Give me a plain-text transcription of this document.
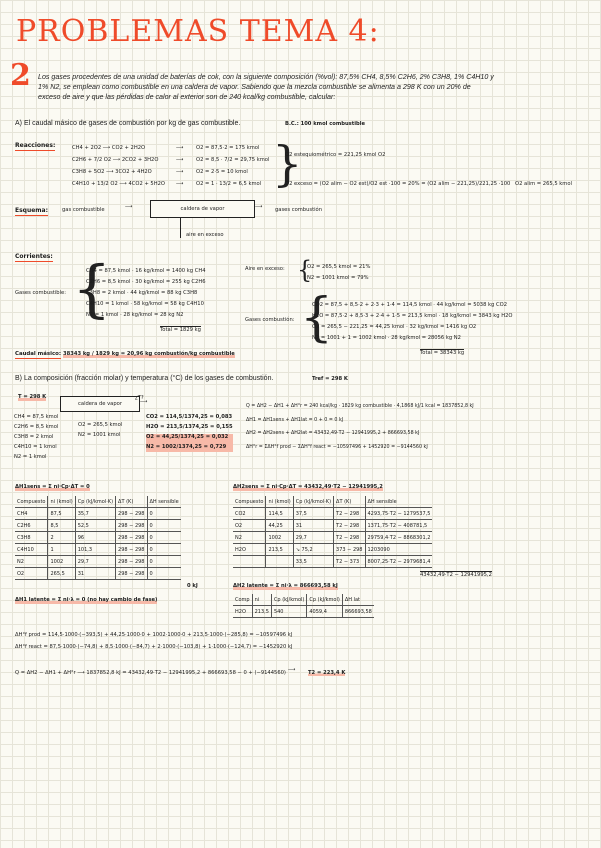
PROBLEMAS TEMA 4:
2 Los gases procedentes de una unidad de baterías de cok, con la siguiente composición (%vol): 87,5% CH4, 8,5% C2H6, 2% C3H8, 1% C4H10 y
1% N2, se emplean como combustible en una caldera de vapor. Sabiendo que la mezcla combustible se alimenta a 298 K con un 20% de
exceso de aire y que las pérdidas de calor al exterior son de 240 kcal/kg combustible, calcular:
A) El caudal másico de gases de combustión por kg de gas combustible.	B.C.: 100 kmol combustible
Reacciones:	CH4 + 2O2 ⟶ CO2 + 2H2O
C2H6 + 7/2 O2 ⟶ 2CO2 + 3H2O
C3H8 + 5O2 ⟶ 3CO2 + 4H2O
C4H10 + 13/2 O2 ⟶ 4CO2 + 5H2O
⟶
⟶
⟶
⟶
O2 = 87,5·2 = 175 kmol
O2 = 8,5 · 7/2 = 29,75 kmol
O2 = 2·5 = 10 kmol
O2 = 1 · 13/2 = 6,5 kmol }
O2 estequiométrico = 221,25 kmol O2
O2 exceso = (O2 alim − O2 est)/O2 est ·100 = 20% = (O2 alim − 221,25)/221,25 ·100 O2 alim = 265,5 kmol
Esquema:	gas combustible	⟶	caldera de vapor	⟶ gases combustión
aire en exceso
Corrientes:
Gases combustible: {
CH4 = 87,5 kmol · 16 kg/kmol = 1400 kg CH4
C2H6 = 8,5 kmol · 30 kg/kmol = 255 kg C2H6
C3H8 = 2 kmol · 44 kg/kmol = 88 kg C3H8
C4H10 = 1 kmol · 58 kg/kmol = 58 kg C4H10
N2 = 1 kmol · 28 kg/kmol = 28 kg N2
Total = 1829 kg
Aire en exceso: {
O2 = 265,5 kmol = 21%
N2 = 1001 kmol = 79%
Gases combustión: {
CO2 = 87,5 + 8,5·2 + 2·3 + 1·4 = 114,5 kmol · 44 kg/kmol = 5038 kg CO2
H2O = 87,5·2 + 8,5·3 + 2·4 + 1·5 = 213,5 kmol · 18 kg/kmol = 3843 kg H2O
O2 = 265,5 − 221,25 = 44,25 kmol · 32 kg/kmol = 1416 kg O2
N2 = 1001 + 1 = 1002 kmol · 28 kg/kmol = 28056 kg N2
Total = 38343 kg
Caudal másico: 38343 kg / 1829 kg = 20,96 kg combustión/kg combustible
B) La composición (fracción molar) y temperatura (°C) de los gases de combustión.	Tref = 298 K
T = 298 K
caldera de vapor	⟶
¿T?
CH4 = 87,5 kmol
C2H6 = 8,5 kmol
C3H8 = 2 kmol
C4H10 = 1 kmol
N2 = 1 kmol
O2 = 265,5 kmol
N2 = 1001 kmol
CO2 = 114,5/1374,25 = 0,083
H2O = 213,5/1374,25 = 0,155
O2 = 44,25/1374,25 = 0,032
N2 = 1002/1374,25 = 0,729
Q = ΔH2 − ΔH1 + ΔH°r = 240 kcal/kg · 1829 kg combustible · 4,1868 kJ/1 kcal = 1837852,8 kJ
ΔH1 = ΔH1sens + ΔH1lat = 0 + 0 = 0 kJ
ΔH2 = ΔH2sens + ΔH2lat = 43432,49·T2 − 12941995,2 + 866693,58 kJ
ΔH°r = ΣΔH°f prod − ΣΔH°f react = −10597496 + 1452920 = −9144560 kJ
ΔH1sens = Σ ni·Cp·ΔT = 0
Compuesto	ni (kmol)	Cp (kJ/kmol·K)	ΔT (K)	ΔH sensible
CH4	87,5	35,7	298 − 298	0
C2H6	8,5	52,5	298 − 298	0
C3H8	2	96	298 − 298	0
C4H10	1	101,3	298 − 298	0
N2	1002	29,7	298 − 298	0
O2	265,5	31	298 − 298	0
0 kJ
ΔH2sens = Σ ni·Cp·ΔT = 43432,49·T2 − 12941995,2
Compuesto	ni (kmol)	Cp (kJ/kmol·K)	ΔT (K)	ΔH sensible
CO2	114,5	37,5	T2 − 298	4293,75·T2 − 1279537,5
O2	44,25	31	T2 − 298	1371,75·T2 − 408781,5
N2	1002	29,7	T2 − 298	29759,4·T2 − 8868301,2
H2O	213,5	↘ 75,2	373 − 298	1203090
		33,5	T2 − 373	8007,25·T2 − 2979681,4
43432,49·T2 − 12941995,2
ΔH2 latente = Σ ni·λ = 866693,58 kJ
Comp	ni	Cp (kJ/kmol)	Cp (kJ/kmol)	ΔH lat
H2O	213,5	540	4059,4	866693,58
ΔH1 latente = Σ ni·λ = 0 (no hay cambio de fase)
ΔH°f prod = 114,5·1000·(−393,5) + 44,25·1000·0 + 1002·1000·0 + 213,5·1000·(−285,8) = −10597496 kJ
ΔH°f react = 87,5·1000·(−74,8) + 8,5·1000·(−84,7) + 2·1000·(−103,8) + 1·1000·(−124,7) = −1452920 kJ
Q = ΔH2 − ΔH1 + ΔH°r ⟶ 1837852,8 kJ = 43432,49·T2 − 12941995,2 + 866693,58 − 0 + (−9144560) ⟶ T2 = 223,4 K
